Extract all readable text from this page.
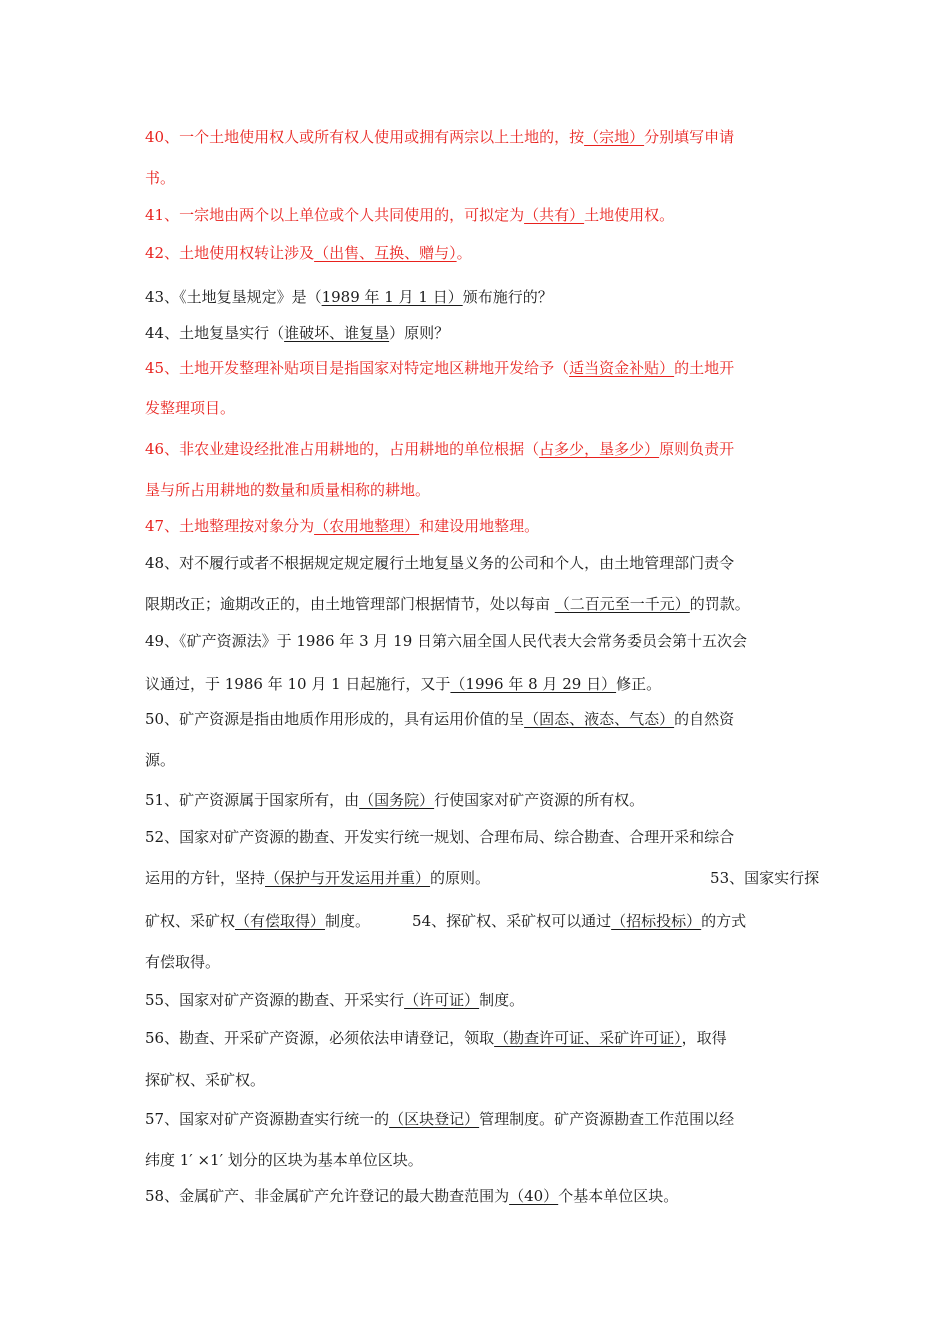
40、一个土地使用权人或所有权人使用或拥有两宗以上土地的，按（宗地）分别填写申请
书。
41、一宗地由两个以上单位或个人共同使用的，可拟定为（共有）土地使用权。
42、土地使用权转让涉及（出售、互换、赠与）。
43、《土地复垦规定》是（1989 年 1 月 1 日）颁布施行的？
44、土地复垦实行（谁破坏、谁复垦）原则？
45、土地开发整理补贴项目是指国家对特定地区耕地开发给予（适当资金补贴）的土地开
发整理项目。
46、非农业建设经批准占用耕地的，占用耕地的单位根据（占多少，垦多少）原则负责开
垦与所占用耕地的数量和质量相称的耕地。
47、土地整理按对象分为（农用地整理）和建设用地整理。
48、对不履行或者不根据规定规定履行土地复垦义务的公司和个人，由土地管理部门责令
限期改正；逾期改正的，由土地管理部门根据情节，处以每亩 （二百元至一千元）的罚款。
49、《矿产资源法》于 1986 年 3 月 19 日第六届全国人民代表大会常务委员会第十五次会
议通过，于 1986 年 10 月 1 日起施行，又于（1996 年 8 月 29 日）修正。
50、矿产资源是指由地质作用形成的，具有运用价值的呈（固态、液态、气态）的自然资
源。
51、矿产资源属于国家所有，由（国务院）行使国家对矿产资源的所有权。
52、国家对矿产资源的勘查、开发实行统一规划、合理布局、综合勘查、合理开采和综合
运用的方针，坚持（保护与开发运用并重）的原则。	53、国家实行探
矿权、采矿权（有偿取得）制度。	54、探矿权、采矿权可以通过（招标投标）的方式
有偿取得。
55、国家对矿产资源的勘查、开采实行（许可证）制度。
56、勘查、开采矿产资源，必须依法申请登记，领取（勘查许可证、采矿许可证），取得
探矿权、采矿权。
57、国家对矿产资源勘查实行统一的（区块登记）管理制度。矿产资源勘查工作范围以经
纬度 1′ ×1′ 划分的区块为基本单位区块。
58、金属矿产、非金属矿产允许登记的最大勘查范围为（40）个基本单位区块。
